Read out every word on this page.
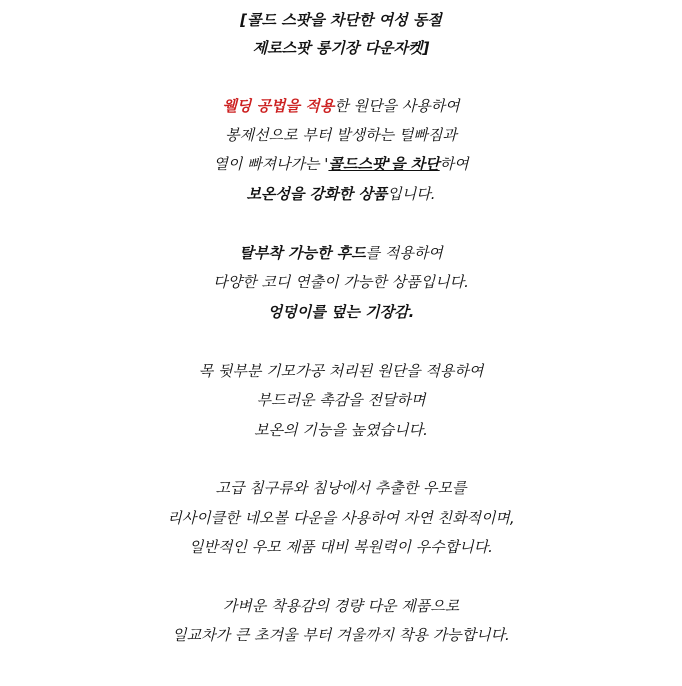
[콜드 스팟을 차단한 여성 동절
제로스팟 롱기장 다운자켓]
웰딩 공법을 적용한 원단을 사용하여
봉제선으로 부터 발생하는 털빠짐과
열이 빠져나가는 '콜드스팟'을 차단하여
보온성을 강화한 상품입니다.
탈부착 가능한 후드를 적용하여
다양한 코디 연출이 가능한 상품입니다.
엉덩이를 덮는 기장감.
목 뒷부분 기모가공 처리된 원단을 적용하여
부드러운 촉감을 전달하며
보온의 기능을 높였습니다.
고급 침구류와 침낭에서 추출한 우모를
리사이클한 네오볼 다운을 사용하여 자연 친화적이며,
일반적인 우모 제품 대비 복원력이 우수합니다.
가벼운 착용감의 경량 다운 제품으로
일교차가 큰 초겨울 부터 겨울까지 착용 가능합니다.
